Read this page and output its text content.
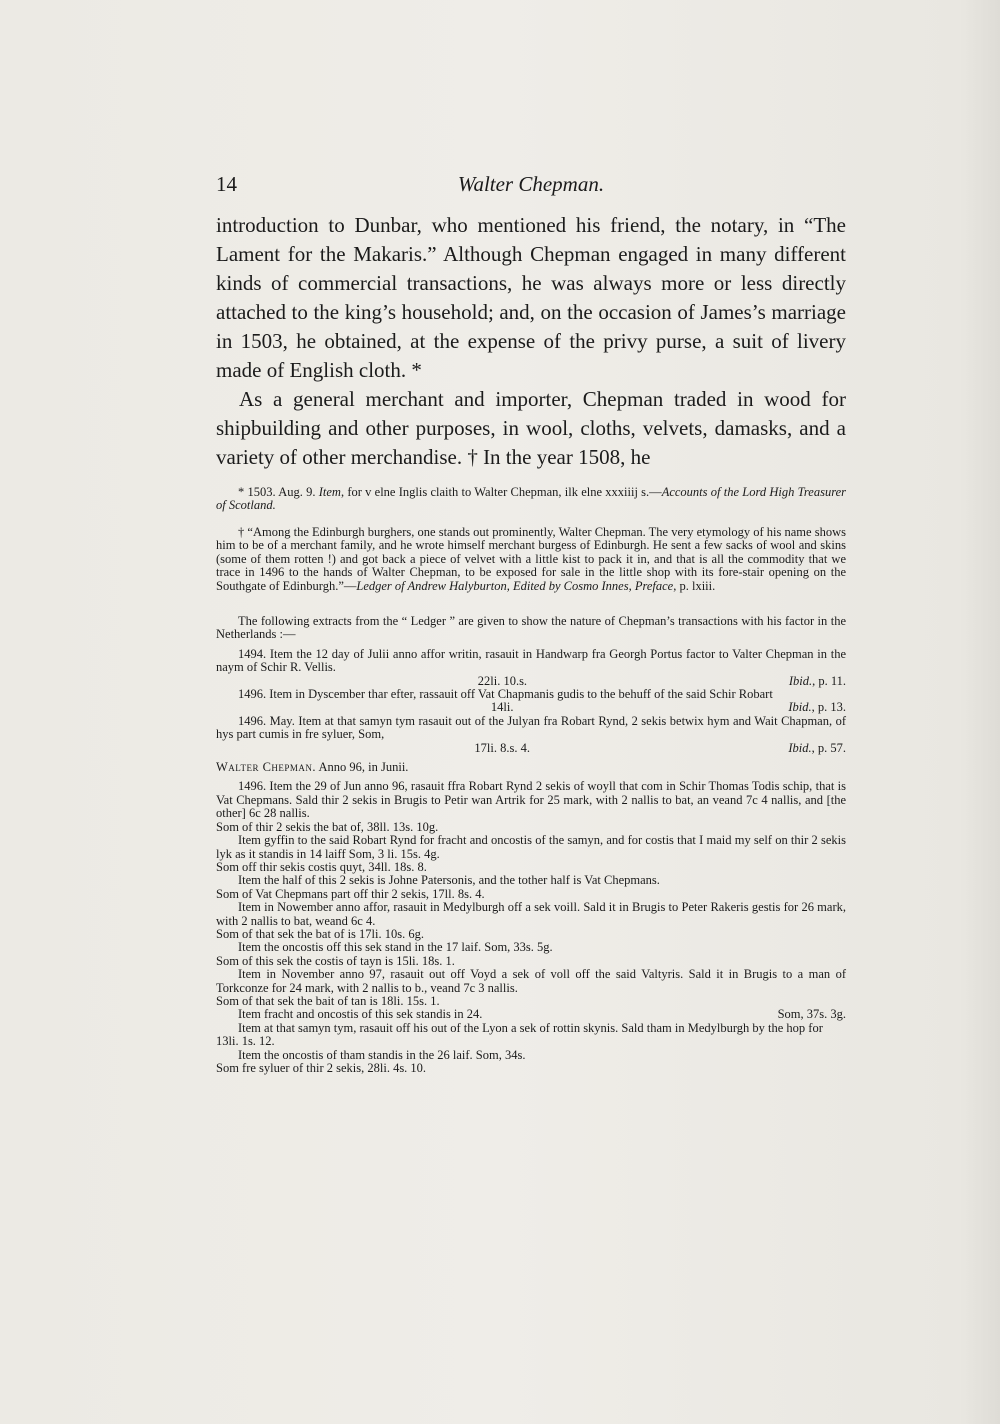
14	Walter Chepman.

introduction to Dunbar, who mentioned his friend, the notary, in “The Lament for the Makaris.” Although Chepman engaged in many different kinds of commercial transactions, he was always more or less directly attached to the king’s household; and, on the occasion of James’s marriage in 1503, he obtained, at the expense of the privy purse, a suit of livery made of English cloth. *

As a general merchant and importer, Chepman traded in wood for shipbuilding and other purposes, in wool, cloths, velvets, damasks, and a variety of other merchandise. † In the year 1508, he

* 1503. Aug. 9. Item, for v elne Inglis claith to Walter Chepman, ilk elne xxxiiij s.—Accounts of the Lord High Treasurer of Scotland.

† “Among the Edinburgh burghers, one stands out prominently, Walter Chepman. The very etymology of his name shows him to be of a merchant family, and he wrote himself merchant burgess of Edinburgh. He sent a few sacks of wool and skins (some of them rotten !) and got back a piece of velvet with a little kist to pack it in, and that is all the commodity that we trace in 1496 to the hands of Walter Chepman, to be exposed for sale in the little shop with its fore-stair opening on the Southgate of Edinburgh.”—Ledger of Andrew Halyburton, Edited by Cosmo Innes, Preface, p. lxiii.

The following extracts from the “ Ledger ” are given to show the nature of Chepman’s transactions with his factor in the Netherlands :—

1494. Item the 12 day of Julii anno affor writin, rasauit in Handwarp fra Georgh Portus factor to Valter Chepman in the naym of Schir R. Vellis.

22li. 10.s.	Ibid., p. 11.

1496. Item in Dyscember thar efter, rassauit off Vat Chapmanis gudis to the behuff of the said Schir Robart

14li.	Ibid., p. 13.

1496. May. Item at that samyn tym rasauit out of the Julyan fra Robart Rynd, 2 sekis betwix hym and Wait Chapman, of hys part cumis in fre syluer, Som,

17li. 8.s. 4.	Ibid., p. 57.

Walter Chepman. Anno 96, in Junii.

1496. Item the 29 of Jun anno 96, rasauit ffra Robart Rynd 2 sekis of woyll that com in Schir Thomas Todis schip, that is Vat Chepmans. Sald thir 2 sekis in Brugis to Petir wan Artrik for 25 mark, with 2 nallis to bat, an veand 7c 4 nallis, and [the other] 6c 28 nallis.

Som of thir 2 sekis the bat of, 38ll. 13s. 10g.

Item gyffin to the said Robart Rynd for fracht and oncostis of the samyn, and for costis that I maid my self on thir 2 sekis lyk as it standis in 14 laiff Som, 3 li. 15s. 4g.

Som off thir sekis costis quyt, 34ll. 18s. 8.

Item the half of this 2 sekis is Johne Patersonis, and the tother half is Vat Chepmans.

Som of Vat Chepmans part off thir 2 sekis, 17ll. 8s. 4.

Item in Nowember anno affor, rasauit in Medylburgh off a sek voill. Sald it in Brugis to Peter Rakeris gestis for 26 mark, with 2 nallis to bat, weand 6c 4.

Som of that sek the bat of is 17li. 10s. 6g.

Item the oncostis off this sek stand in the 17 laif. Som, 33s. 5g.

Som of this sek the costis of tayn is 15li. 18s. 1.

Item in November anno 97, rasauit out off Voyd a sek of voll off the said Valtyris. Sald it in Brugis to a man of Torkconze for 24 mark, with 2 nallis to b., veand 7c 3 nallis.

Som of that sek the bait of tan is 18li. 15s. 1.

Item fracht and oncostis of this sek standis in 24.	Som, 37s. 3g.

Item at that samyn tym, rasauit off his out of the Lyon a sek of rottin skynis. Sald tham in Medylburgh by the hop for

13li. 1s. 12.

Item the oncostis of tham standis in the 26 laif. Som, 34s.

Som fre syluer of thir 2 sekis, 28li. 4s. 10.
